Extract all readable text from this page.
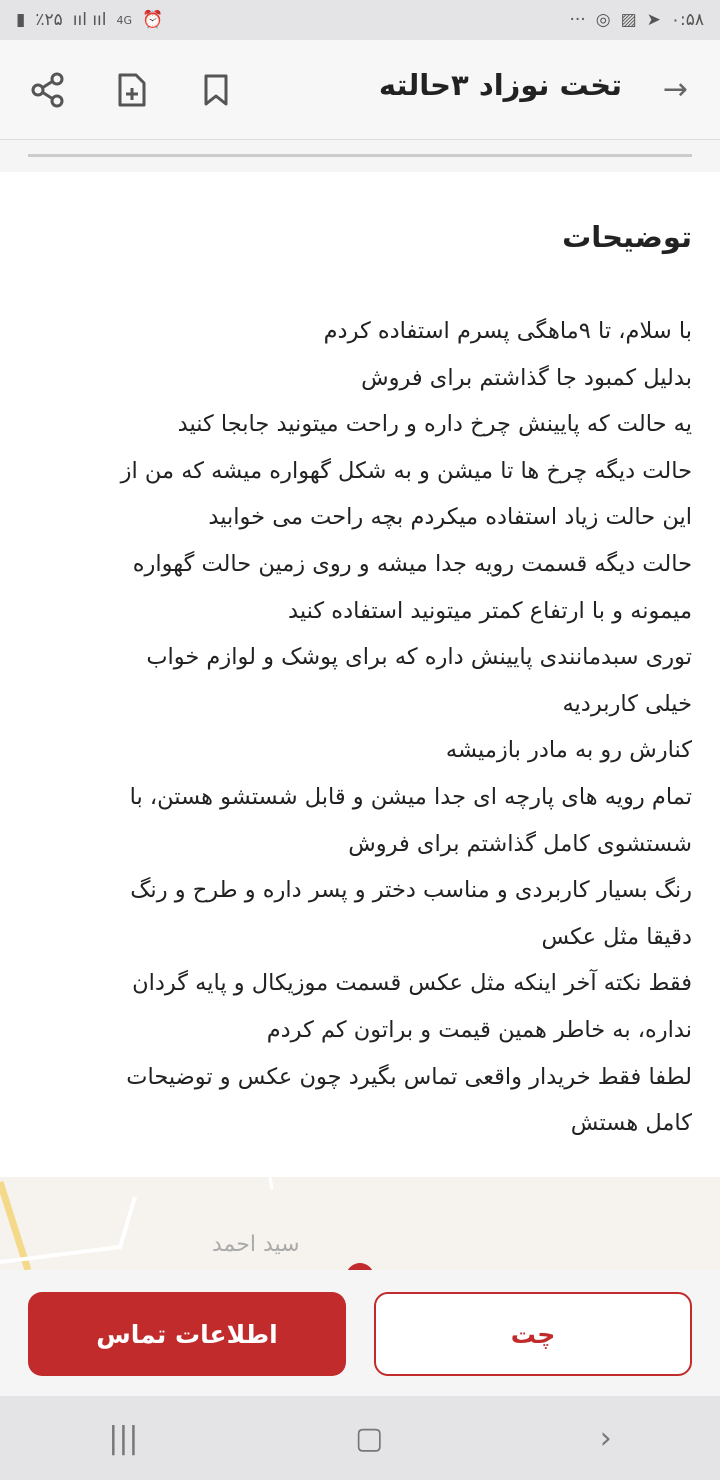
▮ ٪۲۵ ııl ııl 4G ⏰	··· ◎ ▨ ➤ ۰:۵۸
→
تخت نوزاد ۳حالته
توضیحات
با سلام، تا ۹ماهگی پسرم استفاده کردم
بدلیل کمبود جا گذاشتم برای فروش
یه حالت که پایینش چرخ داره و راحت میتونید جابجا کنید
حالت دیگه چرخ ها تا میشن و به شکل گهواره میشه که من از
این حالت زیاد استفاده میکردم بچه راحت می خوابید
حالت دیگه قسمت رویه جدا میشه و روی زمین حالت گهواره
میمونه و با ارتفاع کمتر میتونید استفاده کنید
توری سبدمانندی پایینش داره که برای پوشک و لوازم خواب
خیلی کاربردیه
کنارش رو به مادر بازمیشه
تمام رویه های پارچه ای جدا میشن و قابل شستشو هستن، با
شستشوی کامل گذاشتم برای فروش
رنگ بسیار کاربردی و مناسب دختر و پسر داره و طرح و رنگ
دقیقا مثل عکس
فقط نکته آخر اینکه مثل عکس قسمت موزیکال و پایه گردان
نداره، به خاطر همین قیمت و براتون کم کردم
لطفا فقط خریدار واقعی تماس بگیرد چون عکس و توضیحات
کامل هستش
سید احمد
اطلاعات تماس	چت
|||	▢	›
